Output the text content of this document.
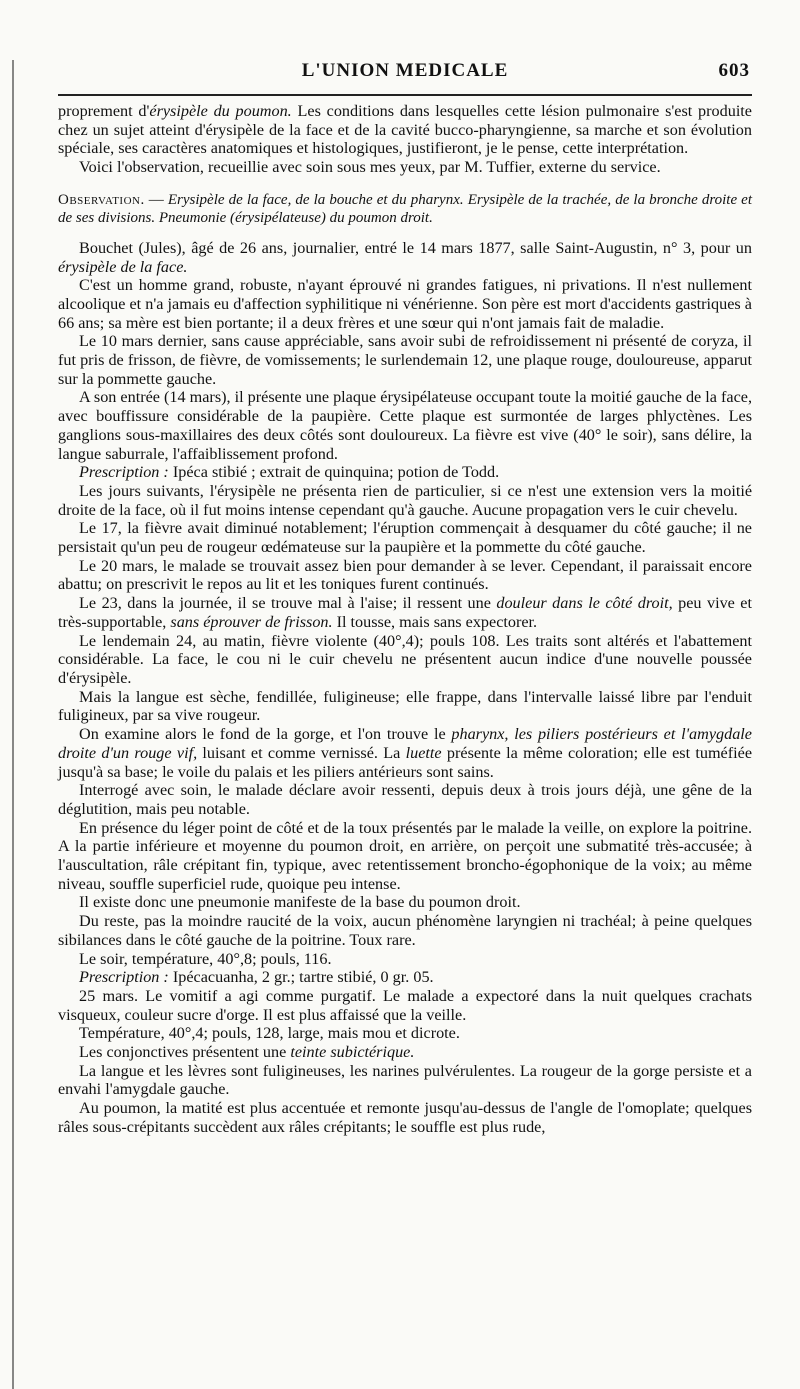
L'UNION MEDICALE	603

proprement d'érysipèle du poumon. Les conditions dans lesquelles cette lésion pulmonaire s'est produite chez un sujet atteint d'érysipèle de la face et de la cavité bucco-pharyngienne, sa marche et son évolution spéciale, ses caractères anatomiques et histologiques, justifieront, je le pense, cette interprétation.

Voici l'observation, recueillie avec soin sous mes yeux, par M. Tuffier, externe du service.

Observation. — Erysipèle de la face, de la bouche et du pharynx. Erysipèle de la trachée, de la bronche droite et de ses divisions. Pneumonie (érysipélateuse) du poumon droit.

Bouchet (Jules), âgé de 26 ans, journalier, entré le 14 mars 1877, salle Saint-Augustin, n° 3, pour un érysipèle de la face.

C'est un homme grand, robuste, n'ayant éprouvé ni grandes fatigues, ni privations. Il n'est nullement alcoolique et n'a jamais eu d'affection syphilitique ni vénérienne. Son père est mort d'accidents gastriques à 66 ans; sa mère est bien portante; il a deux frères et une sœur qui n'ont jamais fait de maladie.

Le 10 mars dernier, sans cause appréciable, sans avoir subi de refroidissement ni présenté de coryza, il fut pris de frisson, de fièvre, de vomissements; le surlendemain 12, une plaque rouge, douloureuse, apparut sur la pommette gauche.

A son entrée (14 mars), il présente une plaque érysipélateuse occupant toute la moitié gauche de la face, avec bouffissure considérable de la paupière. Cette plaque est surmontée de larges phlyctènes. Les ganglions sous-maxillaires des deux côtés sont douloureux. La fièvre est vive (40° le soir), sans délire, la langue saburrale, l'affaiblissement profond.

Prescription : Ipéca stibié ; extrait de quinquina; potion de Todd.

Les jours suivants, l'érysipèle ne présenta rien de particulier, si ce n'est une extension vers la moitié droite de la face, où il fut moins intense cependant qu'à gauche. Aucune propagation vers le cuir chevelu.

Le 17, la fièvre avait diminué notablement; l'éruption commençait à desquamer du côté gauche; il ne persistait qu'un peu de rougeur œdémateuse sur la paupière et la pommette du côté gauche.

Le 20 mars, le malade se trouvait assez bien pour demander à se lever. Cependant, il paraissait encore abattu; on prescrivit le repos au lit et les toniques furent continués.

Le 23, dans la journée, il se trouve mal à l'aise; il ressent une douleur dans le côté droit, peu vive et très-supportable, sans éprouver de frisson. Il tousse, mais sans expectorer.

Le lendemain 24, au matin, fièvre violente (40°,4); pouls 108. Les traits sont altérés et l'abattement considérable. La face, le cou ni le cuir chevelu ne présentent aucun indice d'une nouvelle poussée d'érysipèle.

Mais la langue est sèche, fendillée, fuligineuse; elle frappe, dans l'intervalle laissé libre par l'enduit fuligineux, par sa vive rougeur.

On examine alors le fond de la gorge, et l'on trouve le pharynx, les piliers postérieurs et l'amygdale droite d'un rouge vif, luisant et comme vernissé. La luette présente la même coloration; elle est tuméfiée jusqu'à sa base; le voile du palais et les piliers antérieurs sont sains.

Interrogé avec soin, le malade déclare avoir ressenti, depuis deux à trois jours déjà, une gêne de la déglutition, mais peu notable.

En présence du léger point de côté et de la toux présentés par le malade la veille, on explore la poitrine. A la partie inférieure et moyenne du poumon droit, en arrière, on perçoit une submatité très-accusée; à l'auscultation, râle crépitant fin, typique, avec retentissement broncho-égophonique de la voix; au même niveau, souffle superficiel rude, quoique peu intense.

Il existe donc une pneumonie manifeste de la base du poumon droit.

Du reste, pas la moindre raucité de la voix, aucun phénomène laryngien ni trachéal; à peine quelques sibilances dans le côté gauche de la poitrine. Toux rare.

Le soir, température, 40°,8; pouls, 116.

Prescription : Ipécacuanha, 2 gr.; tartre stibié, 0 gr. 05.

25 mars. Le vomitif a agi comme purgatif. Le malade a expectoré dans la nuit quelques crachats visqueux, couleur sucre d'orge. Il est plus affaissé que la veille.

Température, 40°,4; pouls, 128, large, mais mou et dicrote.

Les conjonctives présentent une teinte subictérique.

La langue et les lèvres sont fuligineuses, les narines pulvérulentes. La rougeur de la gorge persiste et a envahi l'amygdale gauche.

Au poumon, la matité est plus accentuée et remonte jusqu'au-dessus de l'angle de l'omoplate; quelques râles sous-crépitants succèdent aux râles crépitants; le souffle est plus rude,
